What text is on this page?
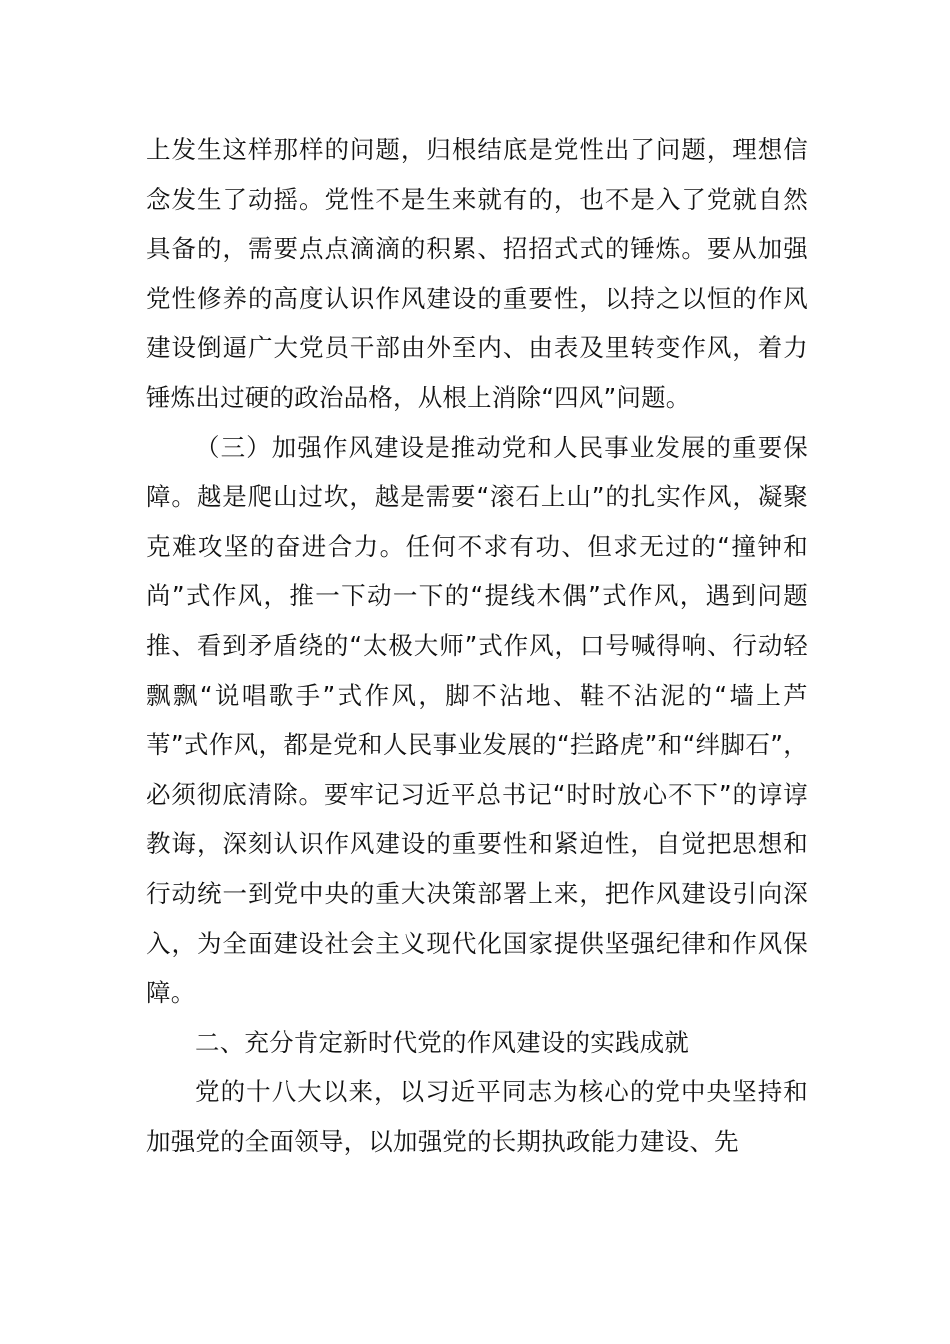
上发生这样那样的问题，归根结底是党性出了问题，理想信念发生了动摇。党性不是生来就有的，也不是入了党就自然具备的，需要点点滴滴的积累、招招式式的锤炼。要从加强党性修养的高度认识作风建设的重要性，以持之以恒的作风建设倒逼广大党员干部由外至内、由表及里转变作风，着力锤炼出过硬的政治品格，从根上消除“四风”问题。

（三）加强作风建设是推动党和人民事业发展的重要保障。越是爬山过坎，越是需要“滚石上山”的扎实作风，凝聚克难攻坚的奋进合力。任何不求有功、但求无过的“撞钟和尚”式作风，推一下动一下的“提线木偶”式作风，遇到问题推、看到矛盾绕的“太极大师”式作风，口号喊得响、行动轻飘飘“说唱歌手”式作风，脚不沾地、鞋不沾泥的“墙上芦苇”式作风，都是党和人民事业发展的“拦路虎”和“绊脚石”，必须彻底清除。要牢记习近平总书记“时时放心不下”的谆谆教诲，深刻认识作风建设的重要性和紧迫性，自觉把思想和行动统一到党中央的重大决策部署上来，把作风建设引向深入，为全面建设社会主义现代化国家提供坚强纪律和作风保障。

二、充分肯定新时代党的作风建设的实践成就

党的十八大以来，以习近平同志为核心的党中央坚持和加强党的全面领导，以加强党的长期执政能力建设、先
